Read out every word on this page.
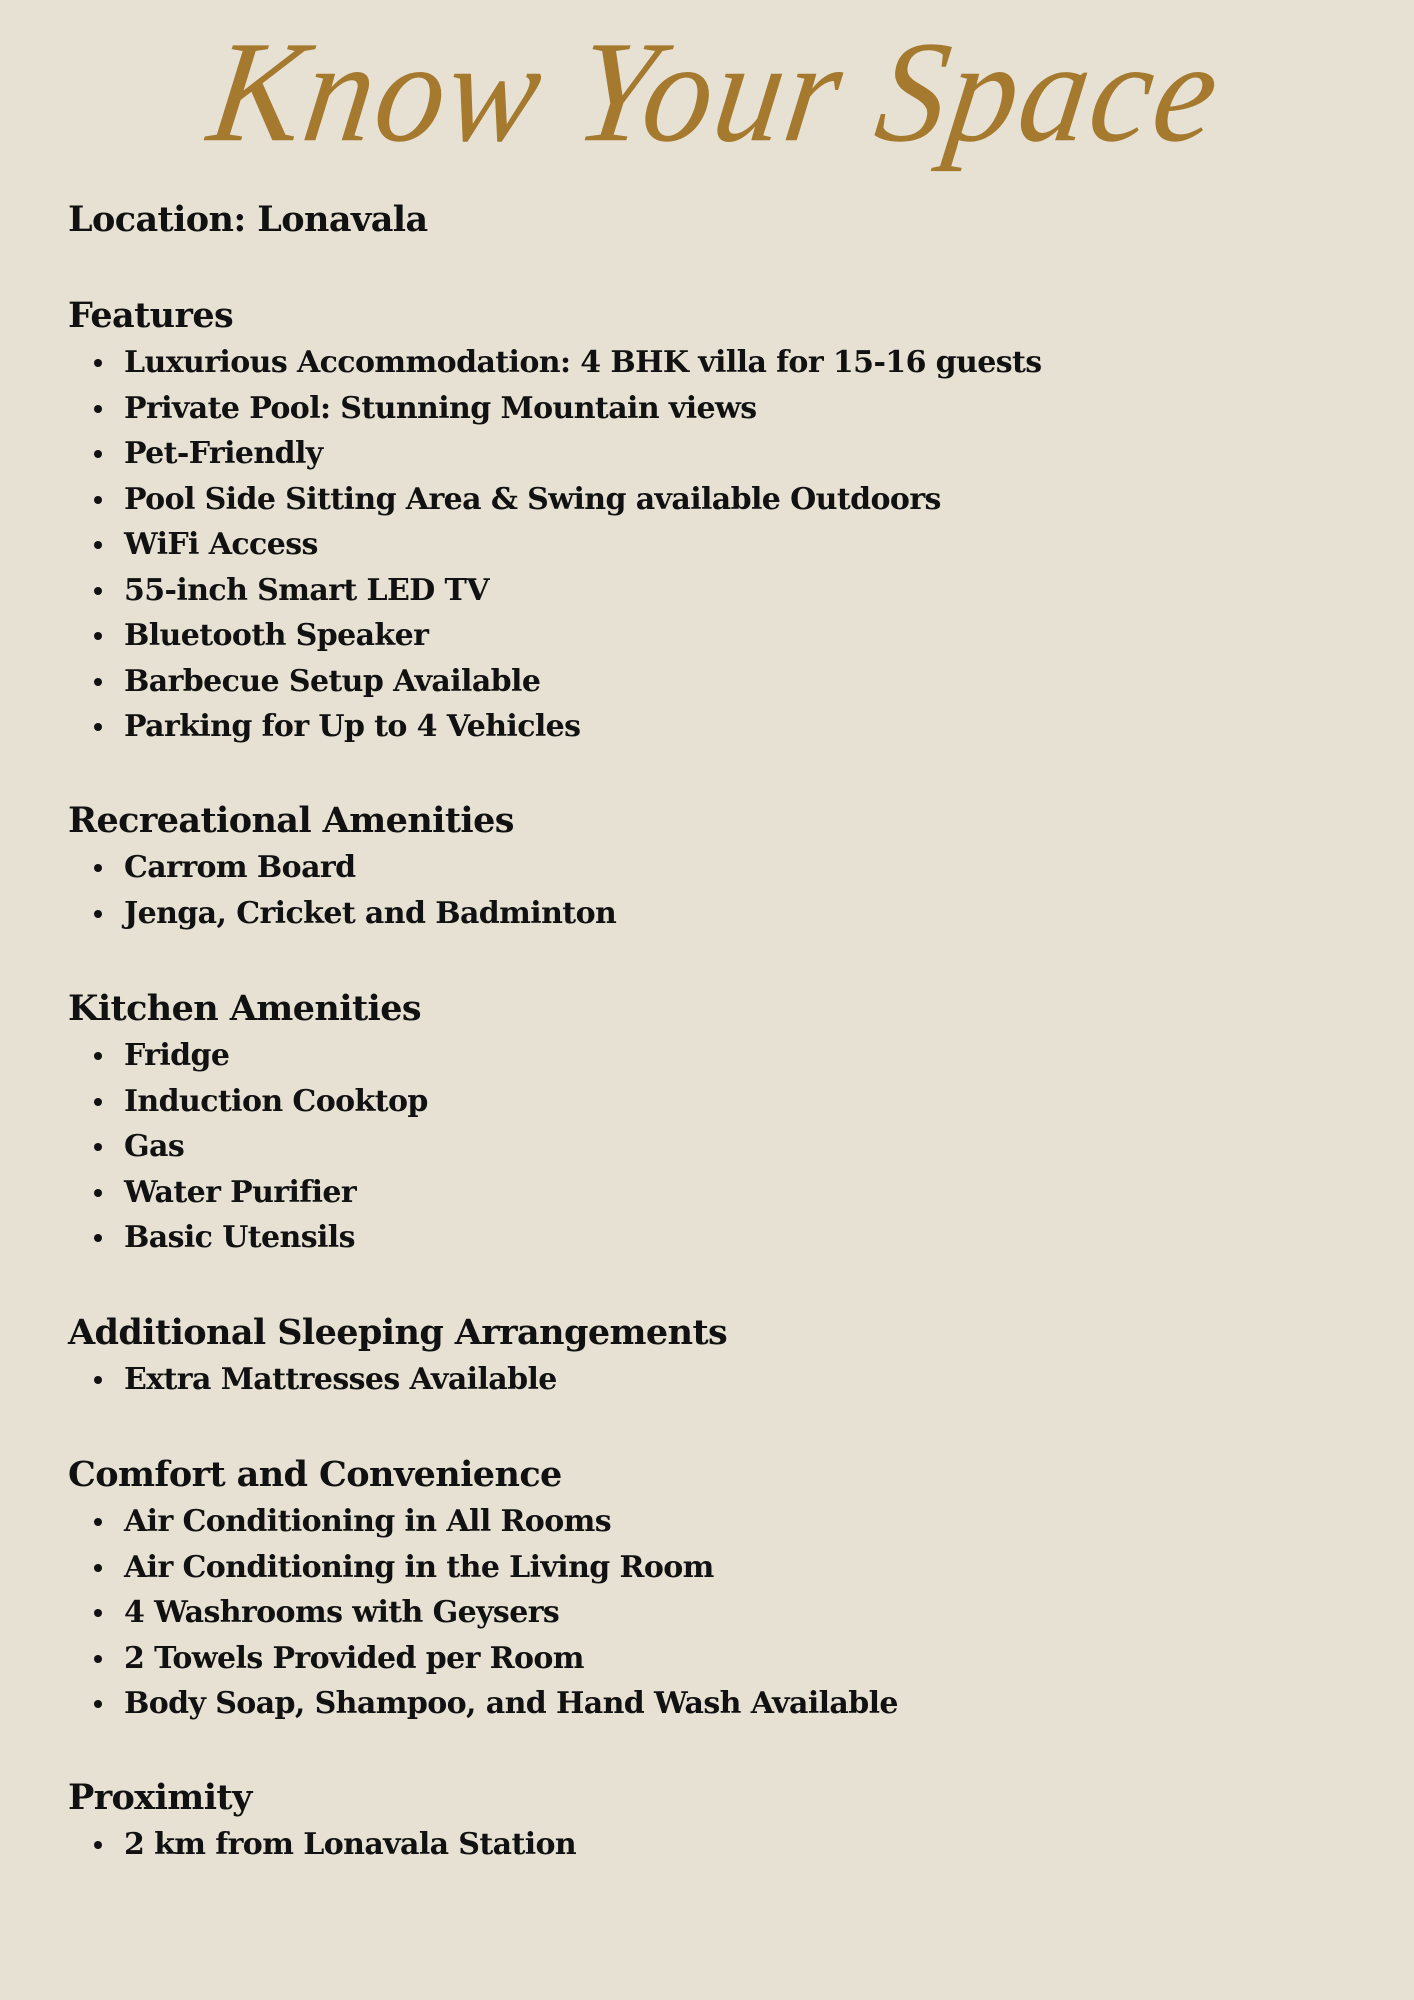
Know Your Space
Location: Lonavala
Features
Luxurious Accommodation: 4 BHK villa for 15-16 guests
Private Pool: Stunning Mountain views
Pet-Friendly
Pool Side Sitting Area & Swing available Outdoors
WiFi Access
55-inch Smart LED TV
Bluetooth Speaker
Barbecue Setup Available
Parking for Up to 4 Vehicles
Recreational Amenities
Carrom Board
Jenga, Cricket and Badminton
Kitchen Amenities
Fridge
Induction Cooktop
Gas
Water Purifier
Basic Utensils
Additional Sleeping Arrangements
Extra Mattresses Available
Comfort and Convenience
Air Conditioning in All Rooms
Air Conditioning in the Living Room
4 Washrooms with Geysers
2 Towels Provided per Room
Body Soap, Shampoo, and Hand Wash Available
Proximity
2 km from Lonavala Station
